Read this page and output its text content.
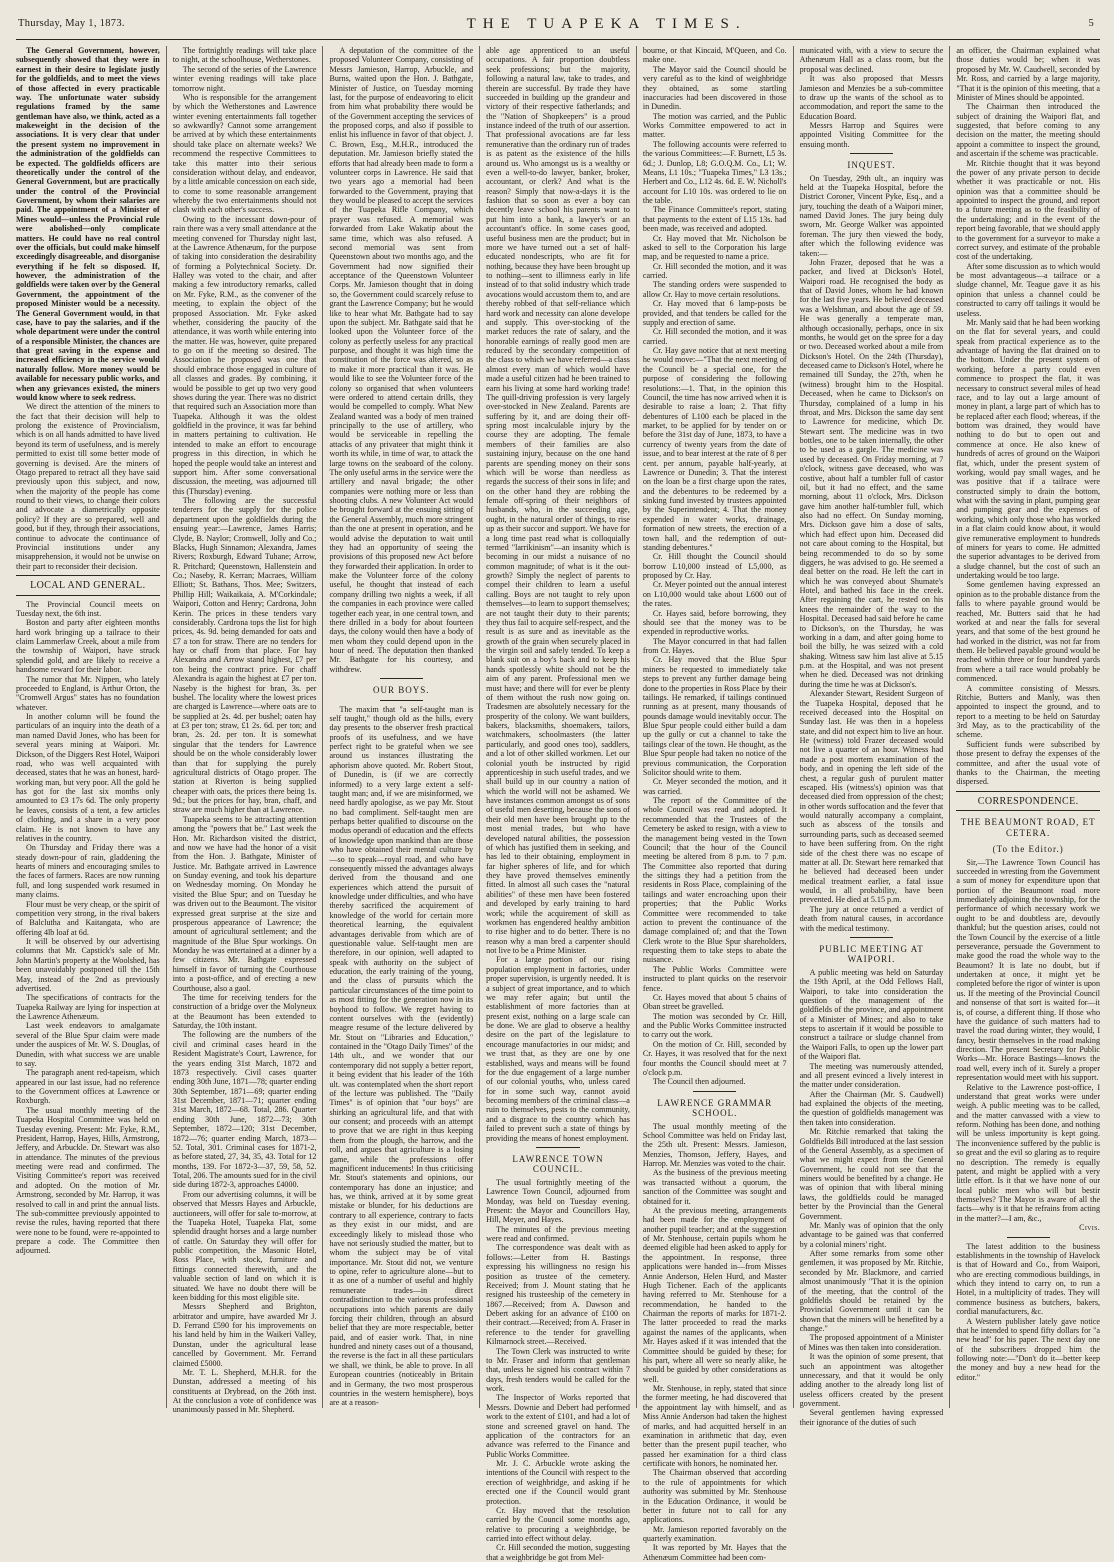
Thursday, May 1, 1873.	THE TUAPEKA TIMES.	5

The General Government, however, subsequently showed that they were in earnest in their desire to legislate justly for the goldfields, and to meet the views of those affected in every practicable way. The unfortunate water subsidy regulations framed by the same gentleman have also, we think, acted as a makeweight in the decision of the associations. It is very clear that under the present system no improvement in the administration of the goldfields can be expected. The goldfields officers are theoretically under the control of the General Government, but are practically under the control of the Provincial Government, by whom their salaries are paid. The appointment of a Minister of Mines would—unless the Provincial rule were abolished—only complicate matters. He could have no real control over the officials, but could make himself exceedingly disagreeable, and disorganise everything if he felt so disposed. If, however, the administration of the goldfields were taken over by the General Government, the appointment of the proposed Minister would be a necessity. The General Government would, in that case, have to pay the salaries, and if the whole department were under the control of a responsible Minister, the chances are that great saving in the expense and increased efficiency in the service would naturally follow. More money would be available for necessary public works, and when any grievances existed, the miners would know where to seek redress.

We direct the attention of the miners to the fact that their decision will help to prolong the existence of Provincialism, which is on all hands admitted to have lived beyond its term of usefulness, and is merely permitted to exist till some better mode of governing is devised. Are the miners of Otago prepared to retract all they have said previously upon this subject, and now, when the majority of the people has come round to their views, to change their colors and advocate a diametrically opposite policy? If they are so prepared, well and good, but if they, through their associations, continue to advocate the continuance of Provincial institutions under any misapprehension, it would not be unwise on their part to reconsider their decision.

LOCAL AND GENERAL.

The Provincial Council meets on Tuesday next, the 6th inst.

Boston and party after eighteen months hard work bringing up a tailrace to their claim Lammerlaw Creek, about a mile from the township of Waipori, have struck splendid gold, and are likely to receive a handsome reward for their labor.

The rumor that Mr. Nippen, who lately proceeded to England, is Arthur Orton, the "Cromwell Argus" states has no foundation whatever.

In another column will be found the particulars of an inquiry into the death of a man named David Jones, who has been for several years mining at Waipori. Mr. Dickson, of the Diggers Rest Hotel, Waipori road, who was well acquainted with deceased, states that he was an honest, hard-working man, but very poor. All the gold he has got for the last six months only amounted to £3 17s 6d. The only property he leaves, consists of a tent, a few articles of clothing, and a share in a very poor claim. He is not known to have any relatives in the country.

On Thursday and Friday there was a steady down-pour of rain, gladdening the hearts of miners and encouraging smiles to the faces of farmers. Races are now running full, and long suspended work resumed in many claims.

Flour must be very cheap, or the spirit of competition very strong, in the rival bakers of Balclutha and Kaitangata, who are offering 4lb loaf at 6d.

It will be observed by our advertising columns that Mr. Capstick's sale of Mr. John Martin's property at the Woolshed, has been unavoidably postponed till the 15th May, instead of the 2nd as previously advertised.

The specifications of contracts for the Tuapeka Railway are lying for inspection at the Lawrence Athenæum.

Last week endeavors to amalgamate several of the Blue Spur claim were made under the auspices of Mr. W. S. Douglas, of Dunedin, with what success we are unable to say.

The paragraph anent red-tapeism, which appeared in our last issue, had no reference to the Government offices at Lawrence or Roxburgh.

The usual monthly meeting of the Tuapeka Hospital Committee was held on Tuesday evening. Present: Mr. Fyke, R.M., President, Harrop, Hayes, Hills, Armstrong, Jeffery, and Arbuckle. Dr. Stewart was also in attendance. The minutes of the previous meeting were read and confirmed. The Visiting Committee's report was received and adopted. On the motion of Mr. Armstrong, seconded by Mr. Harrop, it was resolved to call in and print the annual lists. The sub-committee previously appointed to revise the rules, having reported that there were none to be found, were re-appointed to prepare a code. The Committee then adjourned.

The fortnightly readings will take place to night, at the schoolhouse, Wetherstones.

The second of the series of the Lawrence winter evening readings will take place tomorrow night.

Who is responsible for the arrangement by which the Wetherstones and Lawrence winter evening entertainments fall together so awkwardly? Cannot some arrangement be arrived at by which these entertainments should take place on alternate weeks? We recommend the respective Committees to take this matter into their serious consideration without delay, and endeavor, by a little amicable concession on each side, to come to some reasonable arrangement whereby the two entertainments should not clash with each other's success.

Owing to the incessant down-pour of rain there was a very small attendance at the meeting convened for Thursday night last, at the Lawrence Athenæum, for the purpose of taking into consideration the desirability of forming a Polytechnical Society. Dr. Halley was voted to the chair, and after making a few introductory remarks, called on Mr. Fyke, R.M., as the convener of the meeting, to explain the object of the proposed Association. Mr. Fyke asked whether, considering the paucity of the attendance, it was worth while entering into the matter. He was, however, quite prepared to go on if the meeting so desired. The Association he proposed was one that should embrace those engaged in culture of all classes and grades. By combining, it would be possible to get up two very good shows during the year. There was no district that required such an Association more than Tuapeka. Although it was the oldest goldfield in the province, it was far behind in matters pertaining to cultivation. He intended to make an effort to encourage progress in this direction, in which he hoped the people would take an interest and support him. After some conversational discussion, the meeting, was adjourned till this (Thursday) evening.

The following are the successful tenderers for the supply for the police department upon the goldfields during the ensuing year:—Lawrence, James Harris; Clyde, B. Naylor; Cromwell, Jolly and Co.; Blacks, Hugh Sinnamon; Alexandra, James Rivers; Roxburgh, Edward Tuhane; Arrow, R. Pritchard; Queenstown, Hallenstein and Co.; Naseby, R. Kerran; Macraes, William Elliott; St. Bathans, Thos. Mee; Switzers, Phillip Hill; Waikaikaia, A. M'Corkindale; Waipori, Cotton and Henry; Cardrona, John Kerin. The prices in these tenders vary considerably. Cardrona tops the list for high prices, 4s. 9d. being demanded for oats and £7 a ton for straw. There are no tenders for hay or chaff from that place. For hay Alexandra and Arrow stand highest, £7 per ton being the contract price. For chaff Alexandra is again the highest at £7 per ton. Naseby is the highest for bran, 3s. per bushel. The locality where the lowest prices are charged is Lawrence—where oats are to be supplied at 2s. 4d. per bushel; oaten hay at £3 per ton; straw, £1 2s. 6d. per ton; and bran, 2s. 2d. per ton. It is somewhat singular that the tenders for Lawrence should be on the whole considerably lower than that for supplying the purely agricultural districts of Otago proper. The station at Riverton is being supplied cheaper with oats, the prices there being 1s. 9d.; but the prices for hay, bran, chaff, and straw are much higher than at Lawrence.

Tuapeka seems to be attracting attention among the "powers that be." Last week the Hon. Mr. Richardson visited the district, and now we have had the honor of a visit from the Hon. J. Bathgate, Minister of Justice. Mr. Bathgate arrived in Lawrence on Sunday evening, and took his departure on Wednesday morning. On Monday he visited the Blue Spur; and on Tuesday he was driven out to the Beaumont. The visitor expressed great surprise at the size and prosperous appearance of Lawrence; the amount of agricultural settlement; and the magnitude of the Blue Spur workings. On Monday he was entertained at a dinner by a few citizens. Mr. Bathgate expressed himself in favor of turning the Courthouse into a post-office, and of erecting a new Courthouse, also a gaol.

The time for receiving tenders for the construction of a bridge over the Molyneux at the Beaumont has been extended to Saturday, the 10th instant.

The following are the numbers of the civil and criminal cases heard in the Resident Magistrate's Court, Lawrence, for the years ending 31st March, 1872 and 1873 respectively. Civil cases quarter ending 30th June, 1871—78; quarter ending 30th September, 1871—69; quarter ending 31st December, 1871—71; quarter ending 31st March, 1872—68. Total, 286. Quarter ending 30th June, 1872—73; 30th September, 1872—120; 31st December, 1872—76; quarter ending March, 1873—52. Total, 301. Criminal cases for 1871-2, as before stated, 27, 34, 35, 43. Total for 12 months, 139. For 1872-3—37, 59, 58, 52. Total, 206. The amounts sued for in the civil side during 1872-3, approaches £4000.

From our advertising columns, it will be observed that Messrs Hayes and Arbuckle, auctioneers, will offer for sale to-morrow, at the Tuapeka Hotel, Tuapeka Flat, some splendid draught horses and a large number of cattle. On Saturday they will offer for public competition, the Masonic Hotel, Ross Place, with stock, furniture and fittings connected therewith, and the valuable section of land on which it is situated. We have no doubt there will be keen bidding for this most eligible site.

Messrs Shepherd and Brighton, arbitrator and umpire, have awarded Mr J. D. Ferrand £590 for his improvements on his land held by him in the Waikeri Valley, Dunstan, under the agricultural lease cancelled by Government. Mr. Ferrand claimed £5000.

Mr. T. L. Shepherd, M.H.R. for the Dunstan, addressed a meeting of his constituents at Drybread, on the 26th inst. At the conclusion a vote of confidence was unanimously passed in Mr. Shepherd.

A deputation of the committee of the proposed Volunteer Company, consisting of Messrs Jamieson, Harrop, Arbuckle, and Burns, waited upon the Hon. J. Bathgate, Minister of Justice, on Tuesday morning last, for the purpose of endeavoring to elicit from him what probability there would be of the Government accepting the services of the proposed corps, and also if possible to enlist his influence in favor of that object. J. C. Brown, Esq., M.H.R., introduced the deputation. Mr. Jamieson briefly stated the efforts that had already been made to form a volunteer corps in Lawrence. He said that two years ago a memorial had been forwarded to the Government, praying that they would be pleased to accept the services of the Tuapeka Rifle Company, which prayer was refused. A memorial was forwarded from Lake Wakatip about the same time, which was also refused. A second memorial was sent from Queenstown about two months ago, and the Government had now signified their acceptance of the Queenstown Volunteer Corps. Mr. Jamieson thought that in doing so, the Government could scarcely refuse to grant the Lawrence Company; but he would like to hear what Mr. Bathgate had to say upon the subject. Mr. Bathgate said that he looked upon the Volunteer force of the colony as perfectly useless for any practical purpose, and thought it was high time the constitution of the force was altered, so as to make it more practical than it was. He would like to see the Volunteer force of the colony so organised that when volunteers were ordered to attend certain drills, they would be compelled to comply. What New Zealand wanted was a body of men trained principally to the use of artillery, who would be serviceable in repelling the attacks of any privateer that might think it worth its while, in time of war, to attack the large towns on the seaboard of the colony. The only useful arms in the service were the artillery and naval brigade; the other companies were nothing more or less than shooting clubs. A new Volunteer Act would be brought forward at the ensuing sitting of the General Assembly, much more stringent than the one at present in operation, and he would advise the deputation to wait until they had an opportunity of seeing the provisions of this proposed new Act before they forwarded their application. In order to make the Volunteer force of the colony useful, he thought that instead of each company drilling two nights a week, if all the companies in each province were called together each year, in one central town, and there drilled in a body for about fourteen days, the colony would then have a body of men whom they could depend upon in the hour of need. The deputation then thanked Mr. Bathgate for his courtesy, and withdrew.

OUR BOYS.

The maxim that "a self-taught man is self taught," though old as the hills, every day presents to the observer fresh practical proofs of its usefulness, and we have perfect right to be grateful when we see around us instances illustrating the aphorism above quoted. Mr. Robert Stout, of Dunedin, is (if we are correctly informed) to a very large extent a self-taught man; and, if we are misinformed, we need hardly apologise, as we pay Mr. Stout no bad compliment. Self-taught men are perhaps better qualified to discourse on the modus operandi of education and the effects of knowledge upon mankind than are those who have obtained their mental culture by—so to speak—royal road, and who have consequently missed the advantages always derived from the thousand and one experiences which attend the pursuit of knowledge under difficulties, and who have thereby sacrificed the acquirement of knowledge of the world for certain more theoretical learning, the equivalent advantages derivable from which are of questionable value. Self-taught men are therefore, in our opinion, well adapted to speak with authority on the subject of education, the early training of the young, and the class of pursuits which the particular circumstances of the time point to as most fitting for the generation now in its boyhood to follow. We regret having to content ourselves with the (evidently) meagre resume of the lecture delivered by Mr. Stout on "Libraries and Education," contained in the "Otago Daily Times" of the 14th ult., and we wonder that our contemporary did not supply a better report, it being evident that his leader of the 16th ult. was contemplated when the short report of the lecture was published. The "Daily Times" is of opinion that "our boys" are shirking an agricultural life, and that with our consent; and proceeds with an attempt to prove that we are right in thus keeping them from the plough, the harrow, and the roll, and argues that agriculture is a losing game, while the professions offer magnificent inducements! In thus criticising Mr. Stout's statements and opinions, our contemporary has done an injustice; and has, we think, arrived at it by some great mistake or blunder, for his deductions are contrary to all experience, contrary to facts as they exist in our midst, and are exceedingly likely to mislead those who have not seriously studied the matter, but to whom the subject may be of vital importance. Mr. Stout did not, we venture to opine, refer to agriculture alone—but to it as one of a number of useful and highly remunerate trades—in direct contradistinction to the various professional occupations into which parents are daily forcing their children, through an absurd belief that they are more respectable, better paid, and of easier work. That, in nine hundred and ninety cases out of a thousand, the reverse is the fact in all these particulars we shall, we think, be able to prove. In all European countries (noticeably in Britain and in Germany, the two most prosperous countries in the western hemisphere), boys are at a reason-

able age apprenticed to an useful occupations. A fair proportion doubtless seek professions; but the majority, following a natural law, take to trades, and therein are successful. By trade they have succeeded in building up the grandeur and victory of their respective fatherlands; and the "Nation of Shopkeepers" is a proud instance indeed of the truth of our assertion. That professional avocations are far less remunerative than the ordinary run of trades is as patent as the existence of the hills around us. Who amongst us is a wealthy or even a well-to-do lawyer, banker, broker, accountant, or clerk? And what is the reason? Simply that now-a-days it is the fashion that so soon as ever a boy can decently leave school his parents want to put him into a bank, a lawyer's or an accountant's office. In some cases good, useful business men are the product; but in more we have turned out a set of half-educated nondescripts, who are fit for nothing, because they have been brought up to nothing—sent to illimness early in life instead of to that solid industry which trade avocations would accustom them to, and are thereby robbed of that self-reliance which hard work and necessity can alone develope and supply. This over-stocking of the market reduces the rate of salary, and the honorable earnings of really good men are reduced by the secondary competition of the class to which we have referred—a class almost every man of which would have made a useful citizen had he been trained to earn his living at some hard working trade! The quill-driving profession is very largely over-stocked in New Zealand. Parents are suffering by it, and are doing their off-spring most incalculable injury by the course they are adopting. The female members of their families are also sustaining injury, because on the one hand parents are spending money on their sons which will be worse than needless as regards the success of their sons in life; and on the other hand they are robbing the female off-spring of their neighbors of husbands, who, in the succeeding age, ought, in the natural order of things, to rise up as their succor and support. We have for a long time past read what is colloquially termed "larrikinism"—an insanity which is becoming in our midst a nuisance of no common magnitude; of what is it the out-growth? Simply the neglect of parents to compel their children to learn a useful calling. Boys are not taught to rely upon themselves—to learn to support themselves; are not taught their duty to their parents; they thus fail to acquire self-respect, and the result is as sure and as inevitable as the growth of the grain when securely placed in the virgin soil and safely tended. To keep a blank suit on a boy's back and to keep his hands spotlessly white should not be the aim of any parent. Professional men we must have; and there will for ever be plenty of them without the rush now going on. Tradesmen are absolutely necessary for the prosperity of the colony. We want builders, bakers, blacksmiths, shoemakers, tailors, watchmakers, schoolmasters (the latter particularly, and good ones too), saddlers, and a lot of other skilled workmen. Let our colonial youth be instructed by rigid apprenticeship in such useful trades, and we shall build up in our country a nation of which the world will not be ashamed. We have instances common amongst us of sons of useful men deserting, because the sons of their old men have been brought up to the most menial trades, but who have developed natural abilities, the possession of which has justified them in seeking, and has led to their obtaining, employment in far higher spheres of life, and for which they have proved themselves eminently fitted. In almost all such cases the "natural abilities" of these men have been fostered and developed by early training to hard work; while the acquirement of skill as workmen has engendered healthy ambition to rise higher and to do better. There is no reason why a man bred a carpenter should not live to be a Prime Minister.

For a large portion of our rising population employment in factories, under proper supervision, is urgently needed. It is a subject of great importance, and to which we may refer again; but until the establishment of more factories than at present exist, nothing on a large scale can be done. We are glad to observe a healthy desire on the part of the legislature to encourage manufactories in our midst; and we trust that, as they are one by one established, ways and means will be found for the due engagement of a large number of our colonial youths, who, unless cared for in some such way, cannot avoid becoming members of the criminal class—a ruin to themselves, pests to the community, and a disgrace to the country which has failed to prevent such a state of things by providing the means of honest employment.

LAWRENCE TOWN COUNCIL.

The usual fortnightly meeting of the Lawrence Town Council, adjourned from Monday, was held on Tuesday evening. Present: the Mayor and Councillors Hay, Hill, Meyer, and Hayes.

The minutes of the previous meeting were read and confirmed.

The correspondence was dealt with as follows:—Letter from H. Bastings expressing his willingness no resign his position as trustee of the cemetery. Received; from J. Mount stating that he resigned his trusteeship of the cemetery in 1867.—Received; from A. Dawson and Debert asking for an advance of £100 on their contract.—Received; from A. Fraser in reference to the tender for gravelling Kilmarnock street.—Received.

The Town Clerk was instructed to write to Mr. Fraser and inform that gentleman that, unless he signed his contract within 7 days, fresh tenders would be called for the work.

The Inspector of Works reported that Messrs. Downie and Debert had performed work to the extent of £101, and had a lot of stone and screened gravel on hand. The application of the contractors for an advance was referred to the Finance and Public Works Committee.

Mr. J. C. Arbuckle wrote asking the intentions of the Council with respect to the erection of weighbridge, and asking if he erected one if the Council would grant protection.

Cr. Hay moved that the resolution carried by the Council some months ago, relative to procuring a weighbridge, be carried into effect without delay.

Cr. Hill seconded the motion, suggesting that a weighbridge be got from Mel-

bourne, or that Kincaid, M'Queen, and Co. make one.

The Mayor said the Council should be very careful as to the kind of weighbridge they obtained, as some startling inaccuracies had been discovered in those in Dunedin.

The motion was carried, and the Public Works Committee empowered to act in matter.

The following accounts were referred to the various Committees:—F. Burnett, L5 3s. 6d.; J. Dunlop, L8; G.O.Q.M. Co., L1; W. Means, L1 10s.; "Tuapeka Times," L3 13s.; Herbert and Co., L12 4s. 6d. E. W. Nicholl's account for L10 10s. was ordered to lie on the table.

The Finance Committee's report, stating that payments to the extent of L15 13s. had been made, was received and adopted.

Cr. Hay moved that Mr. Nicholson be asked to sell to the Corporation his large map, and be requested to name a price.

Cr. Hill seconded the motion, and it was carried.

The standing orders were suspended to allow Cr. Hay to move certain resolutions.

Cr. Hay moved that 6 lamp-posts be provided, and that tenders be called for the supply and erection of same.

Cr. Hill seconded the motion, and it was carried.

Cr. Hay gave notice that at next meeting he would move:—"That the next meeting of the Council be a special one, for the purpose of considering the following resolutions:—1. That, in the opinion this Council, the time has now arrived when it is desirable to raise a loan; 2. That fifty debentures of L100 each be placed in the market, to be applied for by tender on or before the 31st day of June, 1873, to have a currency of twenty years from the date of issue, and to bear interest at the rate of 8 per cent. per annum, payable half-yearly, at Lawrence or Dunedin; 3. That the interest on the loan be a first charge upon the rates, and the debentures to be redeemed by a sinking fund invested by trustees appointed by the Superintendent; 4. That the money expended in water works, drainage, formation of new streets, the erection of a town hall, and the redemption of out-standing debentures."

Cr. Hill thought the Council should borrow L10,000 instead of L5,000, as proposed by Cr. Hay.

Cr. Meyer pointed out the annual interest on L10,000 would take about L600 out of the rates.

Cr. Hayes said, before borrowing, they should see that the money was to be expended in reproductive works.

The Mayor concurred in that had fallen from Cr. Hayes.

Cr. Hay moved that the Blue Spur miners be requested to immediately take steps to prevent any further damage being done to the properties in Ross Place by their tailings. He remarked, if tailings continued running as at present, many thousands of pounds damage would inevitably occur. The Blue Spur people could either build a dam up the gully or cut a channel to take the tailings clear of the town. He thought, as the Blue Spur people had taken no notice of the previous communication, the Corporation Solicitor should write to them.

Cr. Meyer seconded the motion, and it was carried.

The report of the Committee of the whole Council was read and adopted. It recommended that the Trustees of the Cemetery be asked to resign, with a view to the management being vested in the Town Council; that the hour of the Council meeting be altered from 8 p.m. to 7 p.m. The Committee also reported that during the sittings they had a petition from the residents in Ross Place, complaining of the tailings and water encroaching upon their properties; that the Public Works Committee were recommended to take action to prevent the continuance of the damage complained of; and that the Town Clerk wrote to the Blue Spur shareholders, requesting them to take steps to abate the nuisance.

The Public Works Committee were instructed to plant quicks on the reservoir fence.

Cr. Hayes moved that about 5 chains of Oban street be gravelled.

The motion was seconded by Cr. Hill, and the Public Works Committee instructed to carry out the work.

On the motion of Cr. Hill, seconded by Cr. Hayes, it was resolved that for the next four months the Council should meet at 7 o'clock p.m.

The Council then adjourned.

LAWRENCE GRAMMAR SCHOOL.

The usual monthly meeting of the School Committee was held on Friday last, the 25th ult. Present: Messrs. Jamieson, Menzies, Thomson, Jeffery, Hayes, and Harrop. Mr. Menzies was voted to the chair.

As the business of the previous meeting was transacted without a quorum, the sanction of the Committee was sought and obtained for it.

At the previous meeting, arrangements had been made for the employment of another pupil teacher; and at the suggestion of Mr. Stenhouse, certain pupils whom he deemed eligible had been asked to apply for the appointment. In response, three applications were handed in—from Misses Annie Anderson, Helen Hurd, and Master Hugh Tichener. Each of the applicants having referred to Mr. Stenhouse for a recommendation, he handed to the Chairman the reports of marks for 1871-2. The latter proceeded to read the marks against the names of the applicants, when Mr. Hayes asked if it was intended that the Committee should be guided by these; for his part, where all were so nearly alike, he should be guided by other considerations as well.

Mr. Stenhouse, in reply, stated that since the former meeting, he had discovered that the appointment lay with himself, and as Miss Annie Anderson had taken the highest of marks, and had acquitted herself in an examination in arithmetic that day, even better than the present pupil teacher, who passed her examination for a third class certificate with honors, he nominated her.

The Chairman observed that according to the rule of appointments for which authority was submitted by Mr. Stenhouse in the Education Ordinance, it would be better in future not to call for any applications.

Mr. Jamieson reported favorably on the quarterly examination.

It was reported by Mr. Hayes that the Athenæum Committee had been com-

municated with, with a view to secure the Athenæum Hall as a class room, but the proposal was declined.

It was also proposed that Messrs Jamieson and Menzies be a sub-committee to draw up the wants of the school as to accommodation, and report the same to the Education Board.

Messrs Harrop and Squires were appointed Visiting Committee for the ensuing month.

INQUEST.

On Tuesday, 29th ult., an inquiry was held at the Tuapeka Hospital, before the District Coroner, Vincent Pyke, Esq., and a jury, touching the death of a Waipori miner, named David Jones. The jury being duly sworn, Mr. George Walker was appointed foreman. The jury then viewed the body, after which the following evidence was taken:—

John Frazer, deposed that he was a packer, and lived at Dickson's Hotel, Waipori road. He recognised the body as that of David Jones, whom he had known for the last five years. He believed deceased was a Welshman, and about the age of 59. He was generally a temperate man, although occasionally, perhaps, once in six months, he would get on the spree for a day or two. Deceased worked about a mile from Dickson's Hotel. On the 24th (Thursday), deceased came to Dickson's Hotel, where he remained till Sunday, the 27th, when he (witness) brought him to the Hospital. Deceased, when he came to Dickson's on Thursday, complained of a lump in his throat, and Mrs. Dickson the same day sent to Lawrence for medicine, which Dr. Stewart sent. The medicine was in two bottles, one to be taken internally, the other to be used as a gargle. The medicine was used by deceased. On Friday morning, at 7 o'clock, witness gave deceased, who was costive, about half a tumbler full of castor oil, but it had no effect, and the same morning, about 11 o'clock, Mrs. Dickson gave him another half-tumbler full, which also had no effect. On Sunday morning, Mrs. Dickson gave him a dose of salts, which had effect upon him. Deceased did not care about coming to the Hospital, but being recommended to do so by some diggers, he was advised to go. He seemed a deal better on the road. He left the cart in which he was conveyed about Shumate's Hotel, and bathed his face in the creek. After regaining the cart, he rested on his knees the remainder of the way to the Hospital. Deceased had said before he came to Dickson's, on the Thursday, he was working in a dam, and after going home to boil the billy, he was seized with a cold shaking. Witness saw him last alive at 5.15 p.m. at the Hospital, and was not present when he died. Deceased was not drinking during the time he was at Dickson's.

Alexander Stewart, Resident Surgeon of the Tuapeka Hospital, deposed that he received deceased into the Hospital on Sunday last. He was then in a hopeless state, and did not expect him to live an hour. He (witness) told Frazer deceased would not live a quarter of an hour. Witness had made a post mortem examination of the body, and in opening the left side of the chest, a regular gush of purulent matter escaped. His (witness's) opinion was that deceased died from oppression of the chest; in other words suffocation and the fever that would naturally accompany a complaint, such as abscess of the tonsils and surrounding parts, such as deceased seemed to have been suffering from. On the right side of the chest there was no escape of matter at all. Dr. Stewart here remarked that he believed had deceased been under medical treatment earlier, a fatal issue would, in all probability, have been prevented. He died at 5.15 p.m.

The jury at once returned a verdict of death from natural causes, in accordance with the medical testimony.

PUBLIC MEETING AT WAIPORI.

A public meeting was held on Saturday the 19th April, at the Odd Fellows Hall, Waipori, to take into consideration the question of the management of the goldfields of the province, and appointment of a Minister of Mines; and also to take steps to ascertain if it would be possible to construct a tailrace or sludge channel from the Waipori Falls, to open up the lower part of the Waipori flat.

The meeting was numerously attended, and all present evinced a lively interest in the matter under consideration.

After the Chairman (Mr. S. Caudwell) had explained the objects of the meeting, the question of goldfields management was then taken into consideration.

Mr. Ritchie remarked that taking the Goldfields Bill introduced at the last session of the General Assembly, as a specimen of what we might expect from the General Government, he could not see that the miners would be benefited by a change. He was of opinion that with liberal mining laws, the goldfields could be managed better by the Provincial than the General Government.

Mr. Manly was of opinion that the only advantage to be gained was that conferred by a colonial miners' right.

After some remarks from some other gentlemen, it was proposed by Mr. Ritchie, seconded by Mr. Blackmore, and carried almost unanimously "That it is the opinion of the meeting, that the control of the goldfields should be retained by the Provincial Government until it can be shown that the miners will be benefited by a change."

The proposed appointment of a Minister of Mines was then taken into consideration.

It was the opinion of some present, that such an appointment was altogether unnecessary, and that it would be only adding another to the already long list of useless officers created by the present government.

Several gentlemen having expressed their ignorance of the duties of such

an officer, the Chairman explained what those duties would be; when it was proposed by Mr. W. Caudwell, seconded by Mr. Ross, and carried by a large majority, "That it is the opinion of this meeting, that a Minister of Mines should be appointed.

The Chairman then introduced the subject of draining the Waipori flat, and suggested, that before coming to any decision on the matter, the meeting should appoint a committee to inspect the ground, and ascertain if the scheme was practicable.

Mr. Ritchie thought that it was beyond the power of any private person to decide whether it was practicable or not. His opinion was that a committee should be appointed to inspect the ground, and report to a future meeting as to the feasibility of the undertaking; and in the event of the report being favorable, that we should apply to the government for a surveyor to make a correct survey, and estimate of the probable cost of the undertaking.

After some discussion as to which would be most advantageous—a tailrace or a sludge channel, Mr. Teague gave it as his opinion that unless a channel could be constructed to carry off tailings it would be useless.

Mr. Manly said that he had been working on the flat for several years, and could speak from practical experience as to the advantage of having the flat drained on to the bottom. Under the present system of working, before a party could even commence to prospect the flat, it was necessary to construct several miles of head race, and to lay out a large amount of money in plant, a large part of which has to be replaced after each flood; whereas, if the bottom was drained, they would have nothing to do but to open out and commence at once. He also knew of hundreds of acres of ground on the Waipori flat, which, under the present system of working, would pay small wages, and he was positive that if a tailrace were constructed simply to drain the bottom, what with the saving in plant, pumping gear and pumping gear and the expenses of working, which only those who has worked in a flat claim could know about, it would give remunerative employment to hundreds of miners for years to come. He admitted the superior advantages to be derived from a sludge channel, but the cost of such an undertaking would be too large.

Some gentlemen having expressed an opinion as to the probable distance from the falls to where payable ground would be reached, Mr. Butters said that he had worked at and near the falls for several years, and that some of the best ground he had worked in the district, was not far from them. He believed payable ground would be reached within three or four hundred yards from where a tail race would probably be commenced.

A committee consisting of Messrs. Ritchie, Butters and Manly, was then appointed to inspect the ground, and to report to a meeting to be held on Saturday 3rd May, as to the practicability of the scheme.

Sufficient funds were subscribed by those present to defray the expenses of the committee, and after the usual vote of thanks to the Chairman, the meeting dispersed.

CORRESPONDENCE.
THE BEAUMONT ROAD, ET CETERA.
(To the Editor.)

Sir,—The Lawrence Town Council has succeeded in wresting from the Government a sum of money for expenditure upon that portion of the Beaumont road more immediately adjoining the township, for the performance of which necessary work we ought to be and doubtless are, devoutly thankful; but the question arises, could not the Town Council by the exercise of a little perseverance, persuade the Government to make good the road the whole way to the Beaumont? It is late no doubt, but if undertaken at once, it might yet be completed before the rigor of winter is upon us. If the meeting of the Provincial Council and nonsense of that sort is waited for—it is, of course, a different thing. If those who have the guidance of such matters had to travel the road during winter, they would, I fancy, bestir themselves in the road making direction. The present Secretary for Public Works—Mr. Horace Bastings—knows the road well, every inch of it. Surely a proper representation would meet with his support.

Relative to the Lawrence post-office, I understand that great works were under weigh. A public meeting was to be called, and the matter canvassed with a view to reform. Nothing has been done, and nothing will be unless importunity is kept going. The inconvenience suffered by the public is so great and the evil so glaring as to require no description. The remedy is equally patent, and might be applied with a very little effort. Is it that we have none of our local public men who will but bestir themselves? The Mayor is aware of all the facts—why is it that he refrains from acting in the matter?—I am, &c.,

Civis.

The latest addition to the business establishments in the township of Havelock is that of Howard and Co., from Waipori, who are erecting commodious buildings, in which they intend to carry on, to run a Hotel, in a multiplicity of trades. They will commence business as butchers, bakers, cordial manufacturers, &c.

A Western publisher lately gave notice that he intended to spend fifty dollars for "a new head" for his paper. The next day one of the subscribers dropped him the following note:—"Don't do it—better keep the money and buy a new head for the editor."
